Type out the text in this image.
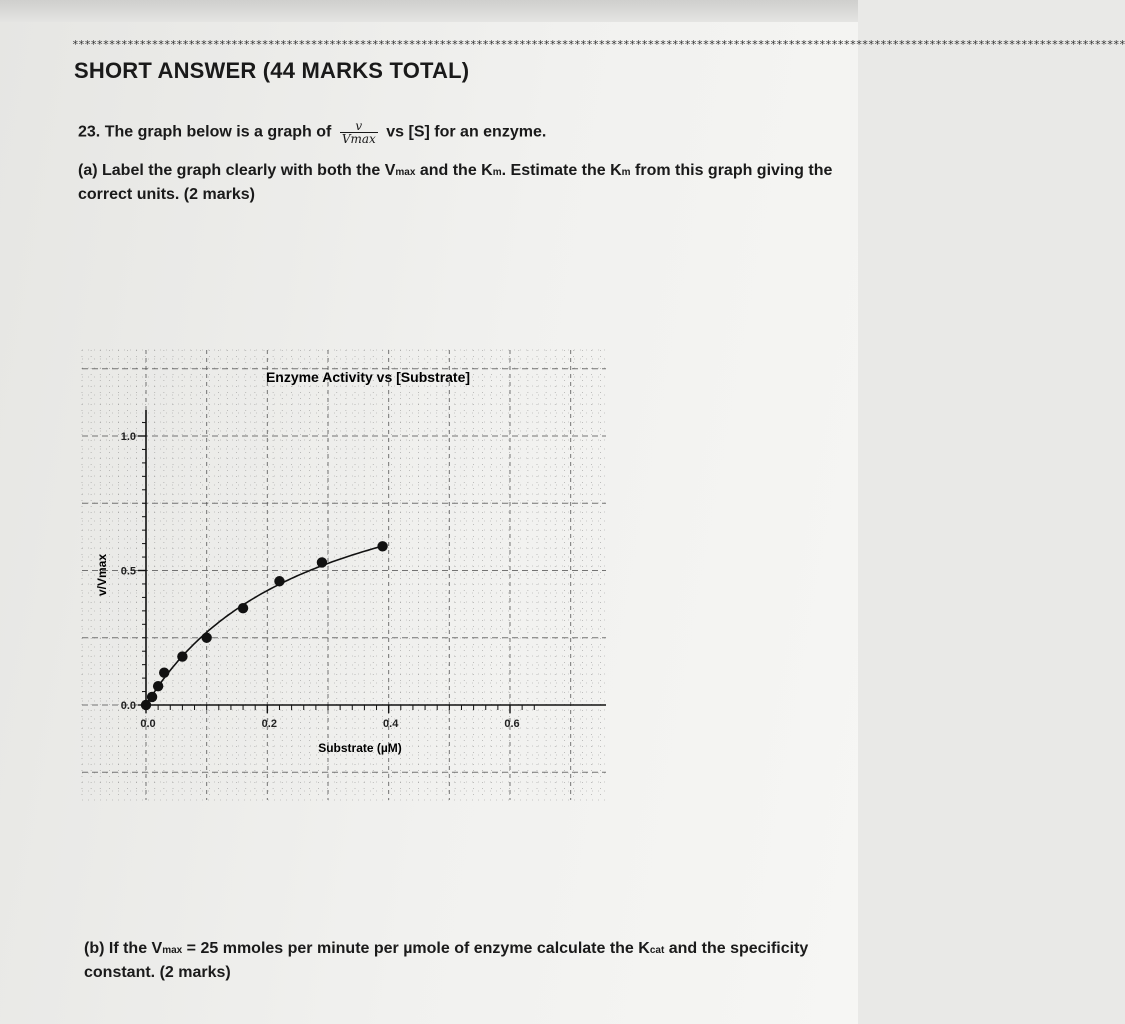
****************************************************************************************************************************************************************************
SHORT ANSWER (44 MARKS TOTAL)
23. The graph below is a graph of $\frac{v}{Vmax}$ vs [S] for an enzyme.
(a) Label the graph clearly with both the Vmax and the Km. Estimate the Km from this graph giving the correct units. (2 marks)
Enzyme Activity vs [Substrate]
Substrate (µM)
v/Vmax
0.0	0.2	0.4	0.6
0.0
0.5
1.0
(b) If the Vmax = 25 mmoles per minute per µmole of enzyme calculate the Kcat and the specificity constant. (2 marks)
